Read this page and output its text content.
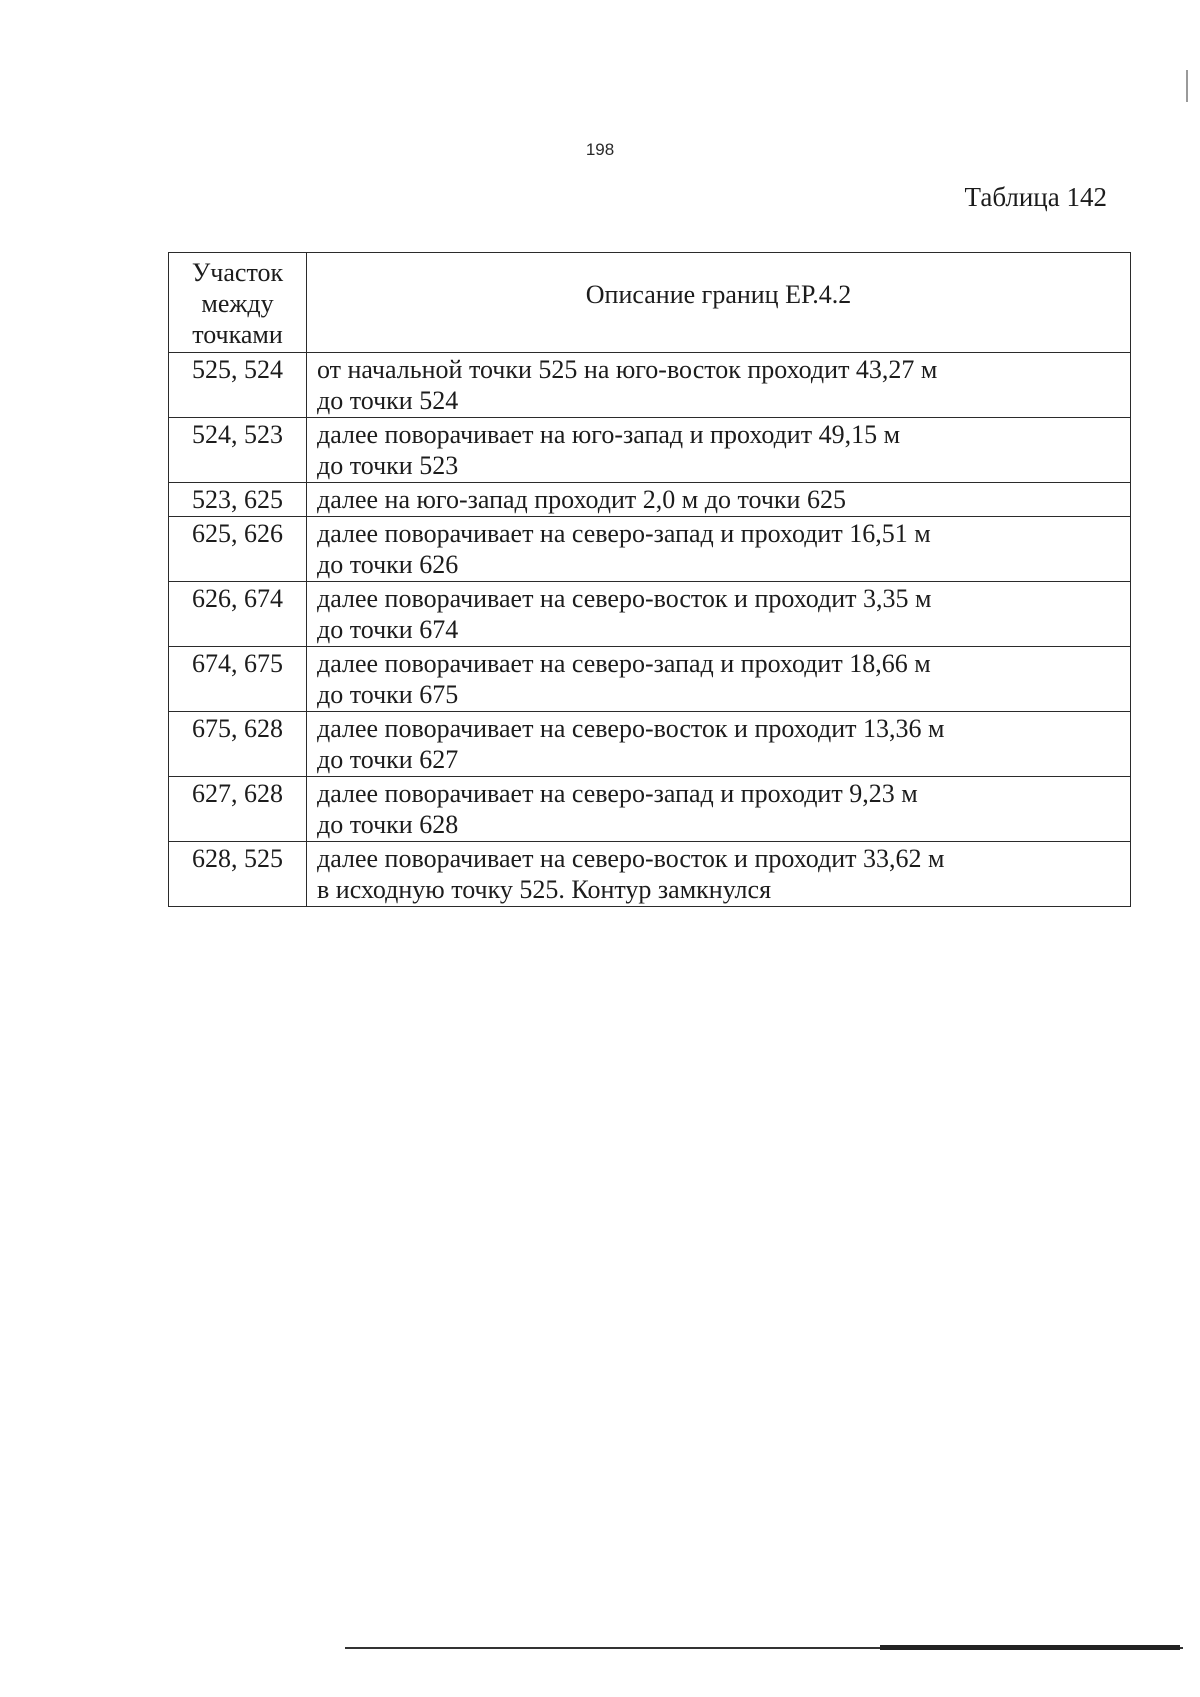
198
Таблица 142
Участок
между
точками	Описание границ ЕР.4.2
525, 524	от начальной точки 525 на юго-восток проходит 43,27 м
до точки 524

524, 523	далее поворачивает на юго-запад и проходит 49,15 м
до точки 523

523, 625	далее на юго-запад проходит 2,0 м до точки 625

625, 626	далее поворачивает на северо-запад и проходит 16,51 м
до точки 626

626, 674	далее поворачивает на северо-восток и проходит 3,35 м
до точки 674

674, 675	далее поворачивает на северо-запад и проходит 18,66 м
до точки 675

675, 628	далее поворачивает на северо-восток и проходит 13,36 м
до точки 627

627, 628	далее поворачивает на северо-запад и проходит 9,23 м
до точки 628

628, 525	далее поворачивает на северо-восток и проходит 33,62 м
в исходную точку 525. Контур замкнулся
